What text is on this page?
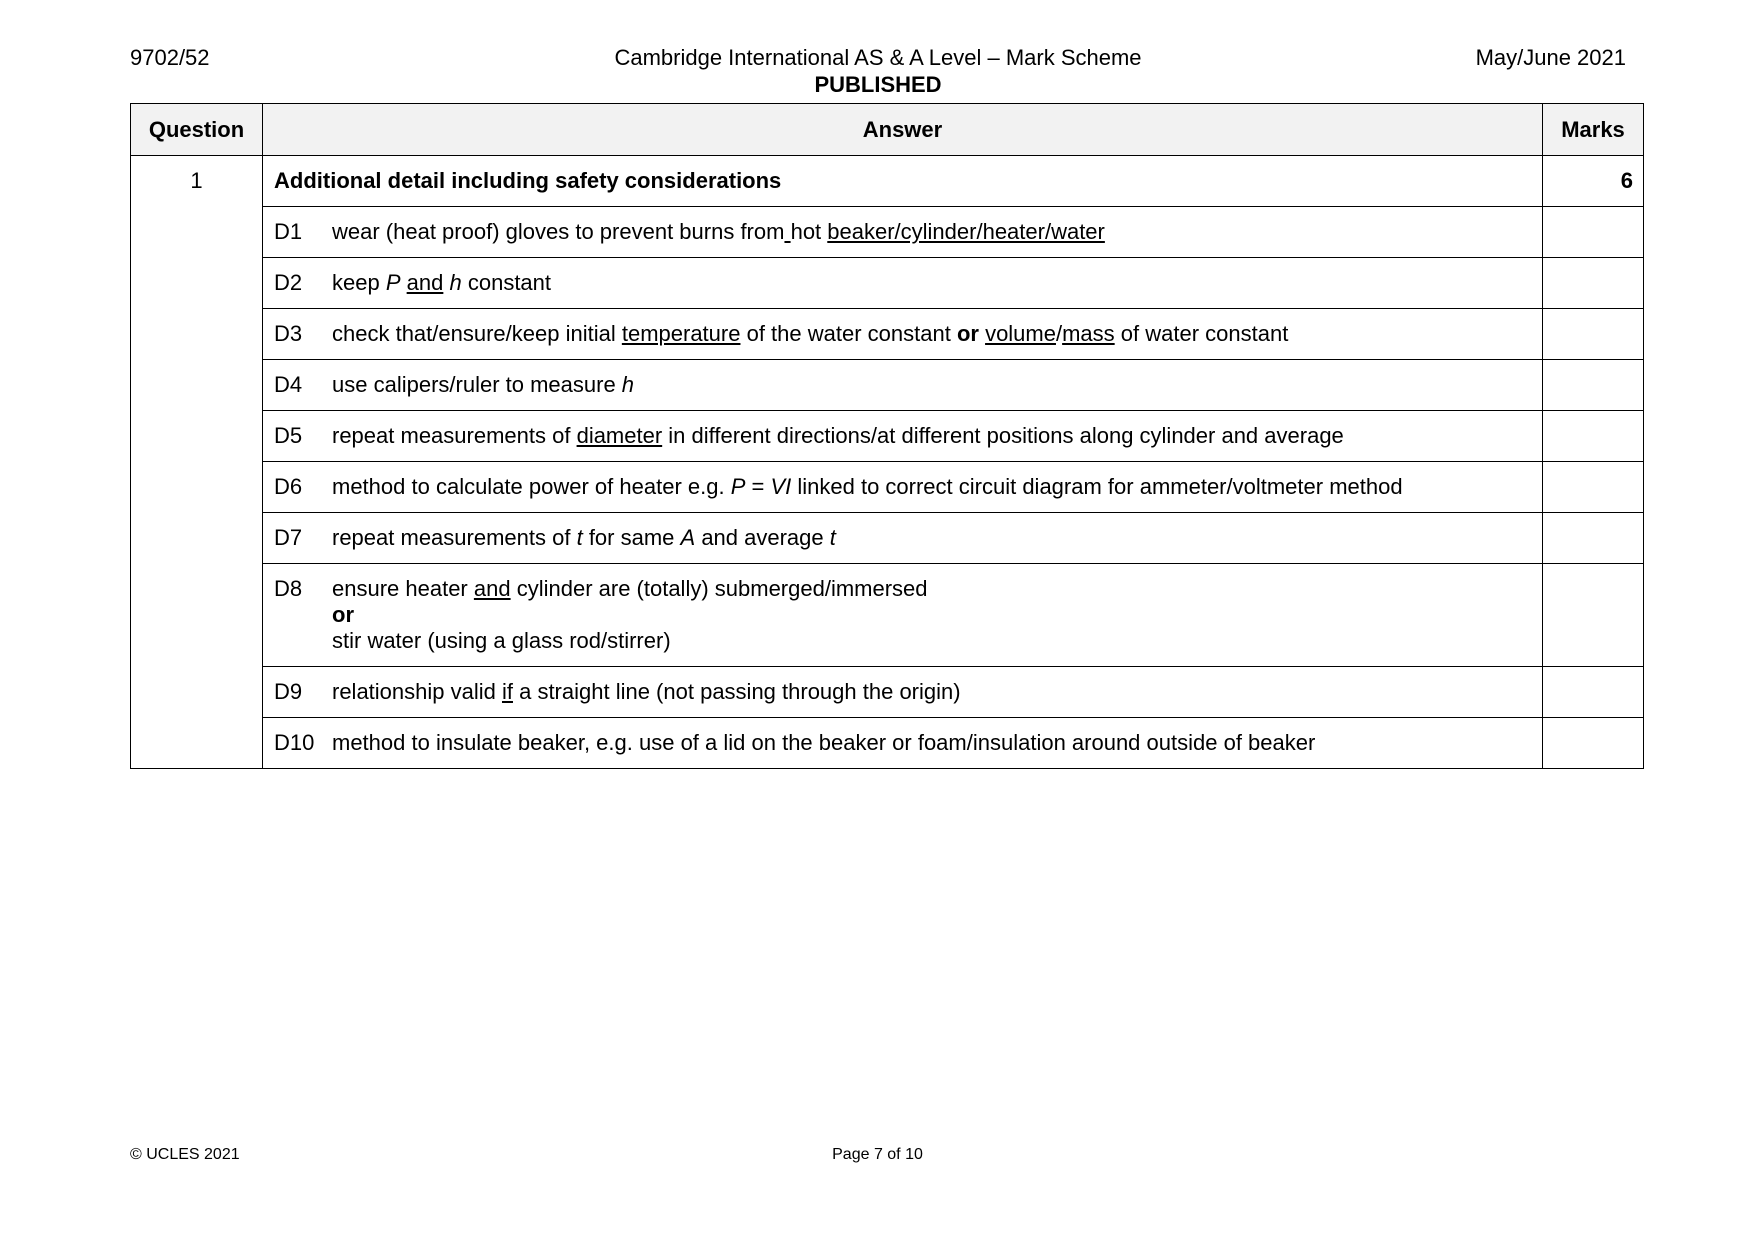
9702/52	Cambridge International AS & A Level – Mark Scheme
PUBLISHED
May/June 2021
Question	Answer	Marks
1	Additional detail including safety considerations	6
	D1 wear (heat proof) gloves to prevent burns from hot beaker/cylinder/heater/water	
	D2 keep P and h constant	
	D3 check that/ensure/keep initial temperature of the water constant or volume/mass of water constant	
	D4 use calipers/ruler to measure h	
	D5 repeat measurements of diameter in different directions/at different positions along cylinder and average	
	D6 method to calculate power of heater e.g. P = VI linked to correct circuit diagram for ammeter/voltmeter method	
	D7 repeat measurements of t for same A and average t	
	D8 ensure heater and cylinder are (totally) submerged/immersed
or
stir water (using a glass rod/stirrer)	
	D9 relationship valid if a straight line (not passing through the origin)	
	D10 method to insulate beaker, e.g. use of a lid on the beaker or foam/insulation around outside of beaker	
© UCLES 2021	Page 7 of 10
